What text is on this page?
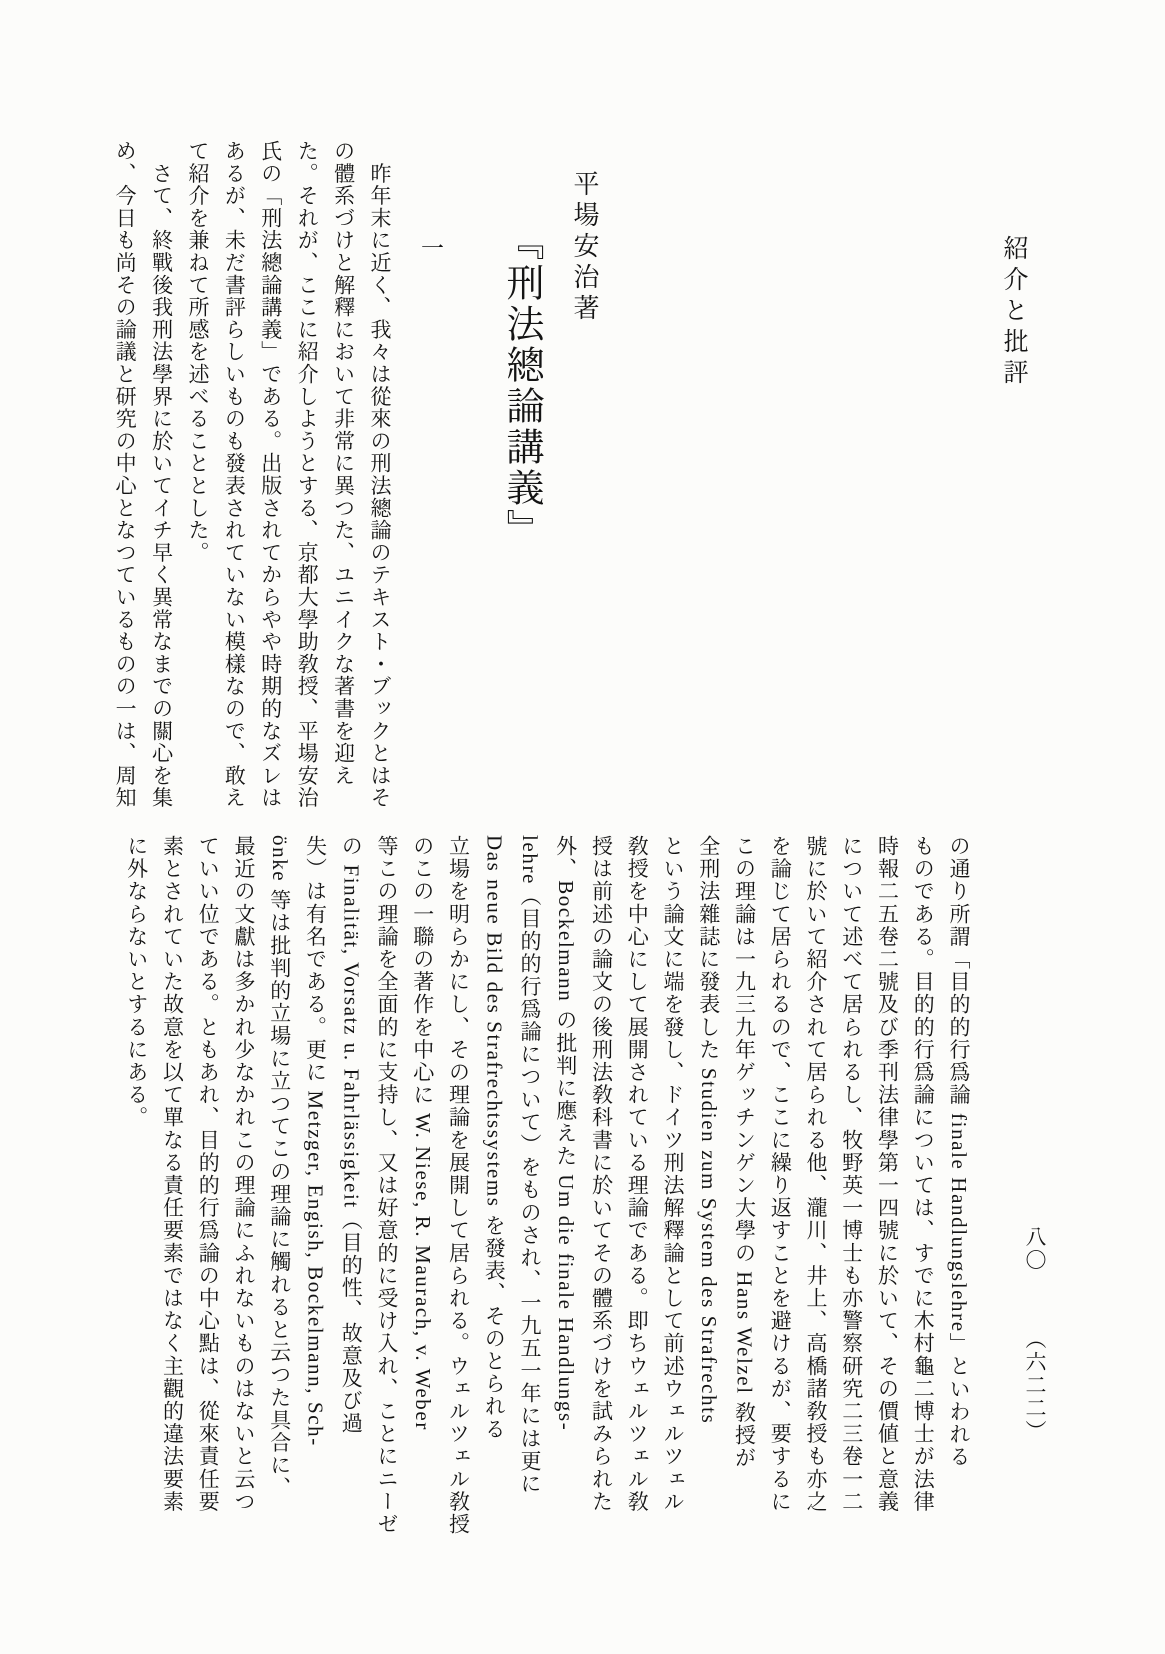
紹介と批評
平場安治著
『刑法總論講義』
一
　昨年末に近く、我々は從來の刑法總論のテキスト・ブックとはそ
の體系づけと解釋において非常に異つた、ユニイクな著書を迎え
た。それが、ここに紹介しようとする、京都大學助敎授、平場安治
氏の「刑法總論講義」である。出版されてからやや時期的なズレは
あるが、未だ書評らしいものも發表されていない模樣なので、敢え
て紹介を兼ねて所感を述べることとした。
　さて、終戰後我刑法學界に於いてイチ早く異常なまでの關心を集
め、今日も尚その論議と研究の中心となつているものの一は、周知
の通り所謂「目的的行爲論 finale Handlungslehre」といわれる
ものである。目的的行爲論については、すでに木村龜二博士が法律
時報二五卷二號及び季刊法律學第一四號に於いて、その價値と意義
について述べて居られるし、牧野英一博士も亦警察研究二三卷一二
號に於いて紹介されて居られる他、瀧川、井上、高橋諸敎授も亦之
を論じて居られるので、ここに繰り返すことを避けるが、要するに
この理論は一九三九年ゲッチンゲン大學の Hans Welzel 敎授が
全刑法雜誌に發表した Studien zum System des Strafrechts
という論文に端を發し、ドイツ刑法解釋論として前述ウェルツェル
敎授を中心にして展開されている理論である。即ちウェルツェル敎
授は前述の論文の後刑法敎科書に於いてその體系づけを試みられた
外、Bockelmann の批判に應えた Um die finale Handlungs-
lehre（目的的行爲論について）をものされ、一九五一年には更に
Das neue Bild des Strafrechtssystems を發表、そのとられる
立場を明らかにし、その理論を展開して居られる。ウェルツェル敎授
のこの一聯の著作を中心に W. Niese, R. Maurach, v. Weber
等この理論を全面的に支持し、又は好意的に受け入れ、ことにニーゼ
の Finalität, Vorsatz u. Fahrlässigkeit（目的性、故意及び過
失）は有名である。更に Metzger, Engish, Bockelmann, Sch-
önke 等は批判的立場に立つてこの理論に觸れると云つた具合に、
最近の文獻は多かれ少なかれこの理論にふれないものはないと云つ
ていい位である。ともあれ、目的的行爲論の中心點は、從來責任要
素とされていた故意を以て單なる責任要素ではなく主觀的違法要素
に外ならないとするにある。
八〇（六二二）
